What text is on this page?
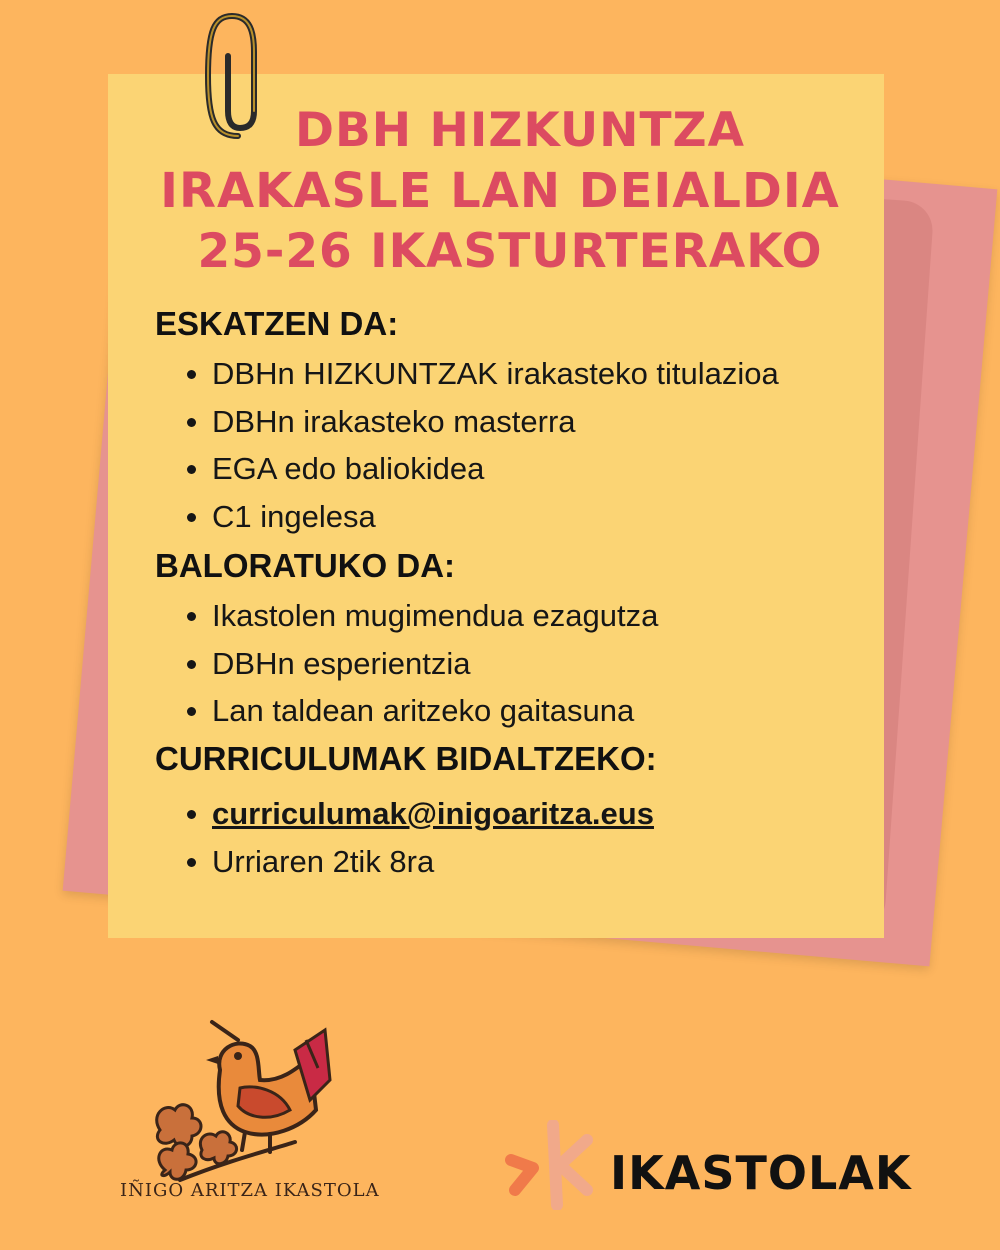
DBH HIZKUNTZA
IRAKASLE LAN DEIALDIA
25-26 IKASTURTERAKO
ESKATZEN DA:
DBHn HIZKUNTZAK irakasteko titulazioa
DBHn irakasteko masterra
EGA edo baliokidea
C1 ingelesa
BALORATUKO DA:
Ikastolen mugimendua ezagutza
DBHn esperientzia
Lan taldean aritzeko gaitasuna
CURRICULUMAK BIDALTZEKO:
curriculumak@inigoaritza.eus
Urriaren 2tik 8ra
IÑIGO ARITZA IKASTOLA	IKASTOLAK
